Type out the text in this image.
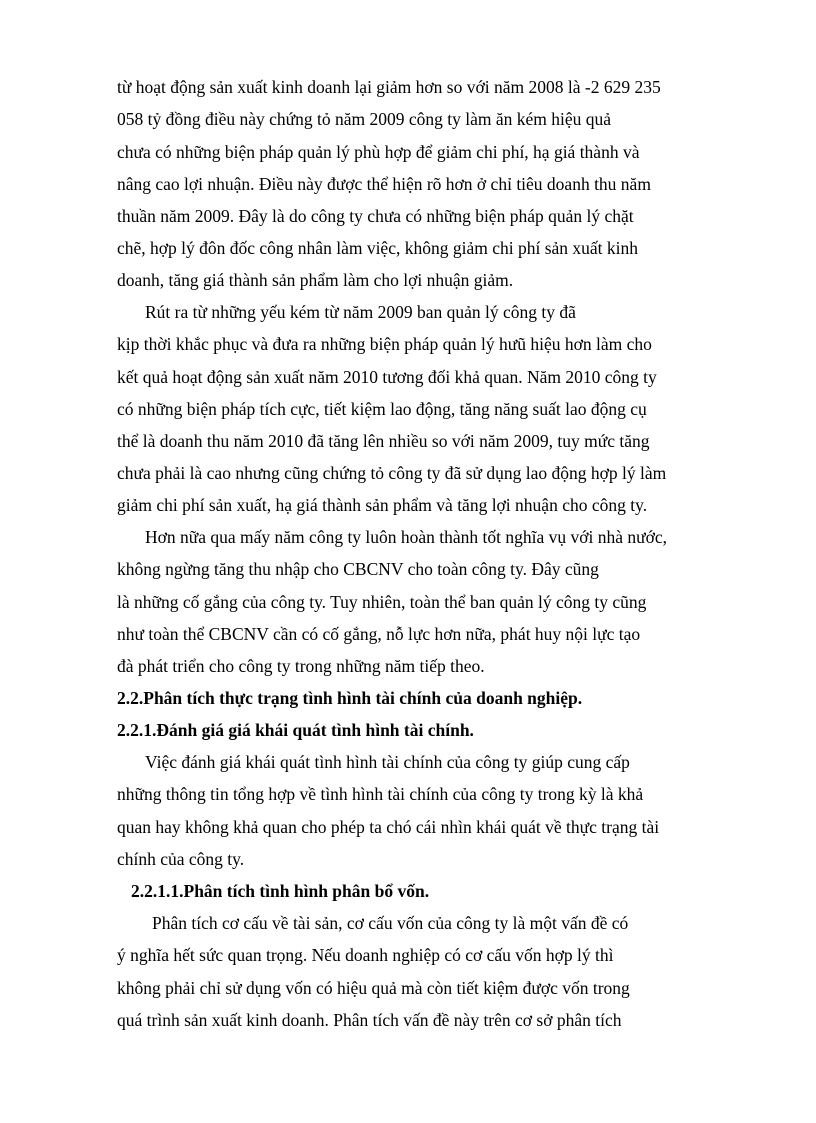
từ hoạt động sản xuất kinh doanh lại giảm hơn so với năm 2008 là -2 629 235
058 tỷ đồng điều này chứng tỏ năm 2009 công ty làm ăn kém hiệu quả
chưa có những biện pháp quản lý phù hợp để giảm chi phí, hạ giá thành và
nâng cao lợi nhuận. Điều này được thể hiện rõ hơn ở chỉ tiêu doanh thu năm
thuần năm 2009. Đây là do công ty chưa có những biện pháp quản lý chặt
chẽ, hợp lý đôn đốc công nhân làm việc, không giảm chi phí sản xuất kinh
doanh, tăng giá thành sản phẩm làm cho lợi nhuận giảm.
Rút ra từ những yếu kém từ năm 2009 ban quản lý công ty đã
kịp thời khắc phục và đưa ra những biện pháp quản lý hưũ hiệu hơn làm cho
kết quả hoạt động sản xuất năm 2010 tương đối khả quan. Năm 2010 công ty
có những biện pháp tích cực, tiết kiệm lao động, tăng năng suất lao động cụ
thể là doanh thu năm 2010 đã tăng lên nhiều so với năm 2009, tuy mức tăng
chưa phải là cao nhưng cũng chứng tỏ công ty đã sử dụng lao động hợp lý làm
giảm chi phí sản xuất, hạ giá thành sản phẩm và tăng lợi nhuận cho công ty.
Hơn nữa qua mấy năm công ty luôn hoàn thành tốt nghĩa vụ với nhà nước,
không ngừng tăng thu nhập cho CBCNV cho toàn công ty. Đây cũng
là những cố gắng của công ty. Tuy nhiên, toàn thể ban quản lý công ty cũng
như toàn thể CBCNV cần có cố gắng, nỗ lực hơn nữa, phát huy nội lực tạo
đà phát triển cho công ty trong những năm tiếp theo.
2.2.Phân tích thực trạng tình hình tài chính của doanh nghiệp.
2.2.1.Đánh giá giá khái quát tình hình tài chính.
Việc đánh giá khái quát tình hình tài chính của công ty giúp cung cấp
những thông tin tổng hợp về tình hình tài chính của công ty trong kỳ là khả
quan hay không khả quan cho phép ta chó cái nhìn khái quát về thực trạng tài
chính của công ty.
2.2.1.1.Phân tích tình hình phân bổ vốn.
Phân tích cơ cấu về tài sản, cơ cấu vốn của công ty là một vấn đề có
ý nghĩa hết sức quan trọng. Nếu doanh nghiệp có cơ cấu vốn hợp lý thì
không phải chỉ sử dụng vốn có hiệu quả mà còn tiết kiệm được vốn trong
quá trình sản xuất kinh doanh. Phân tích vấn đề này trên cơ sở phân tích
